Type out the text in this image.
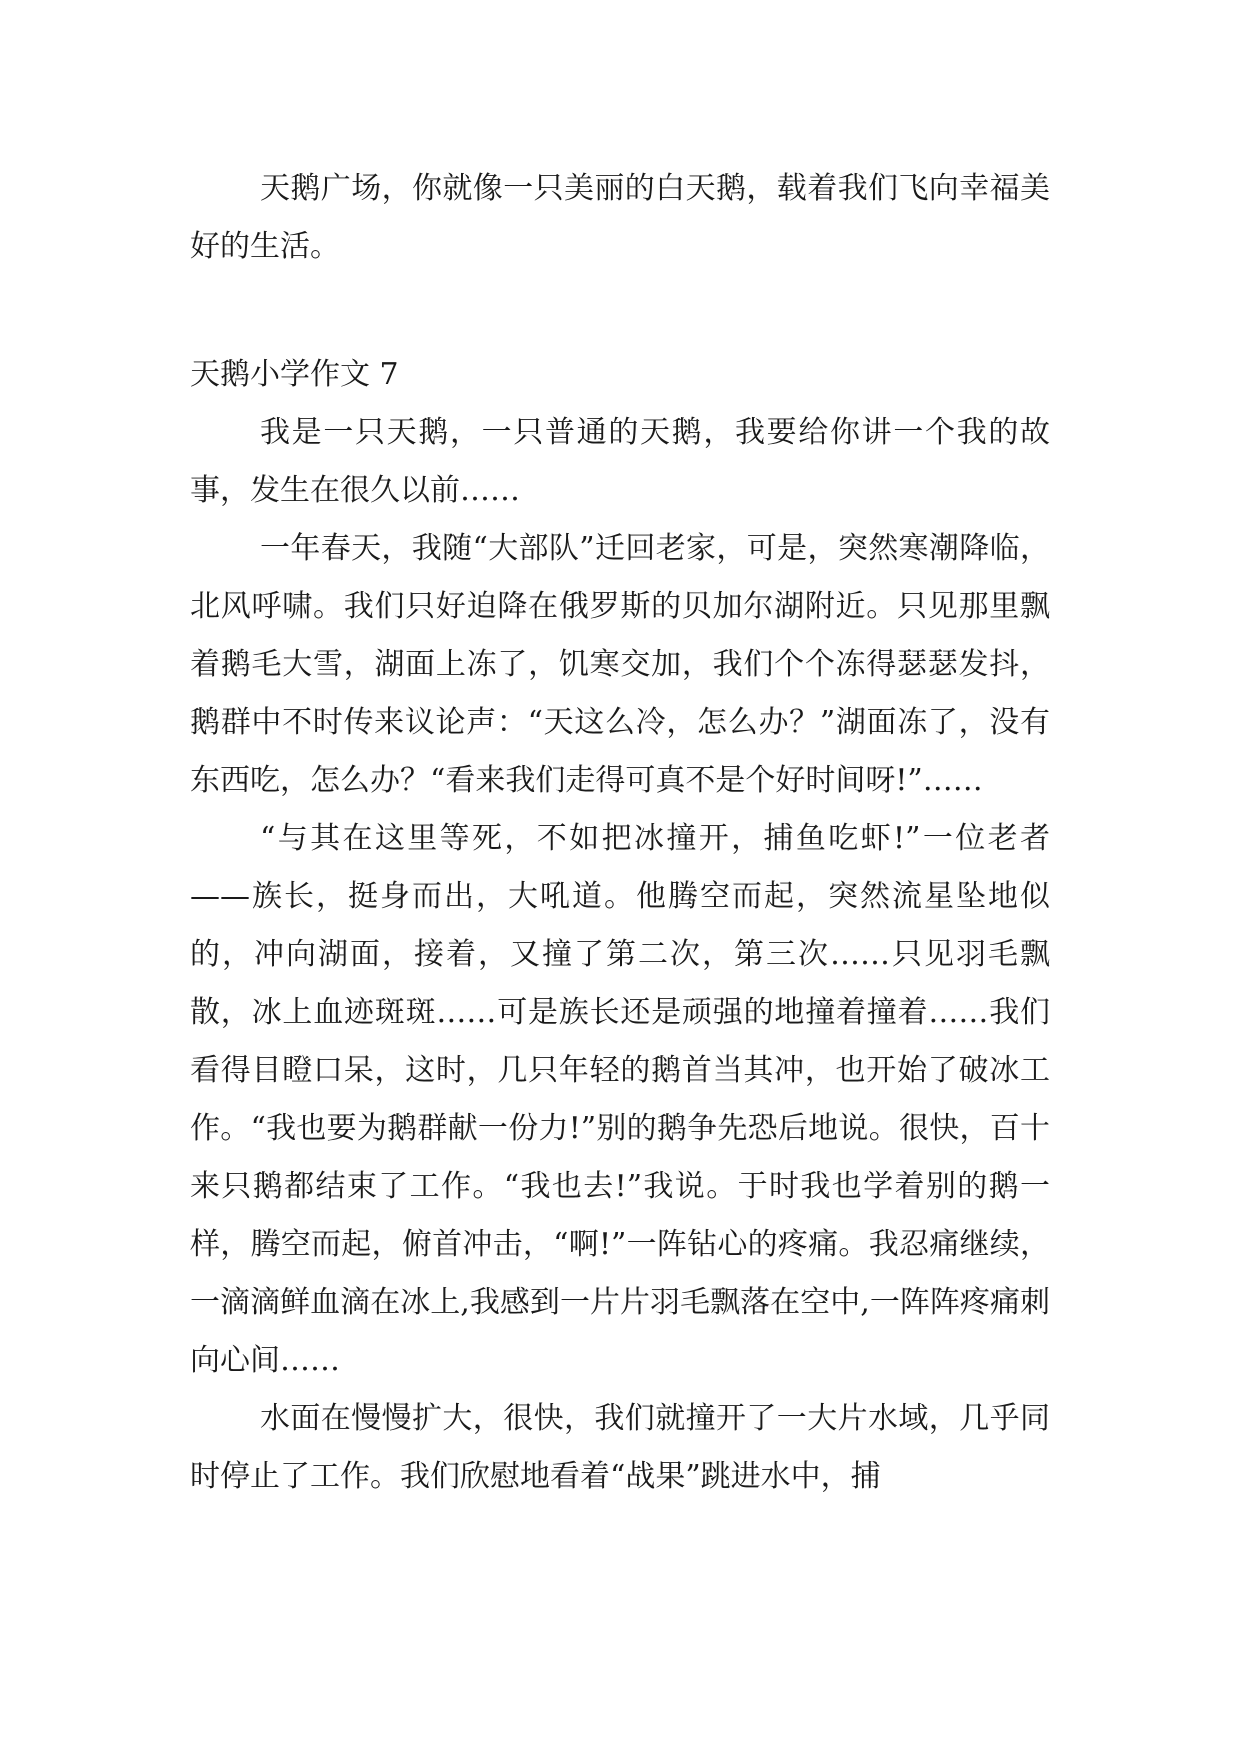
天鹅广场，你就像一只美丽的白天鹅，载着我们飞向幸福美好的生活。

天鹅小学作文 7

我是一只天鹅，一只普通的天鹅，我要给你讲一个我的故事，发生在很久以前……

一年春天，我随“大部队”迁回老家，可是，突然寒潮降临，北风呼啸。我们只好迫降在俄罗斯的贝加尔湖附近。只见那里飘着鹅毛大雪，湖面上冻了，饥寒交加，我们个个冻得瑟瑟发抖，鹅群中不时传来议论声：“天这么冷，怎么办？”湖面冻了，没有东西吃，怎么办？“看来我们走得可真不是个好时间呀!”……

“与其在这里等死，不如把冰撞开，捕鱼吃虾!”一位老者——族长，挺身而出，大吼道。他腾空而起，突然流星坠地似的，冲向湖面，接着，又撞了第二次，第三次……只见羽毛飘散，冰上血迹斑斑……可是族长还是顽强的地撞着撞着……我们看得目瞪口呆，这时，几只年轻的鹅首当其冲，也开始了破冰工作。“我也要为鹅群献一份力!”别的鹅争先恐后地说。很快，百十来只鹅都结束了工作。“我也去!”我说。于时我也学着别的鹅一样，腾空而起，俯首冲击，“啊!”一阵钻心的疼痛。我忍痛继续，一滴滴鲜血滴在冰上,我感到一片片羽毛飘落在空中,一阵阵疼痛刺向心间……

水面在慢慢扩大，很快，我们就撞开了一大片水域，几乎同时停止了工作。我们欣慰地看着“战果”跳进水中，捕
